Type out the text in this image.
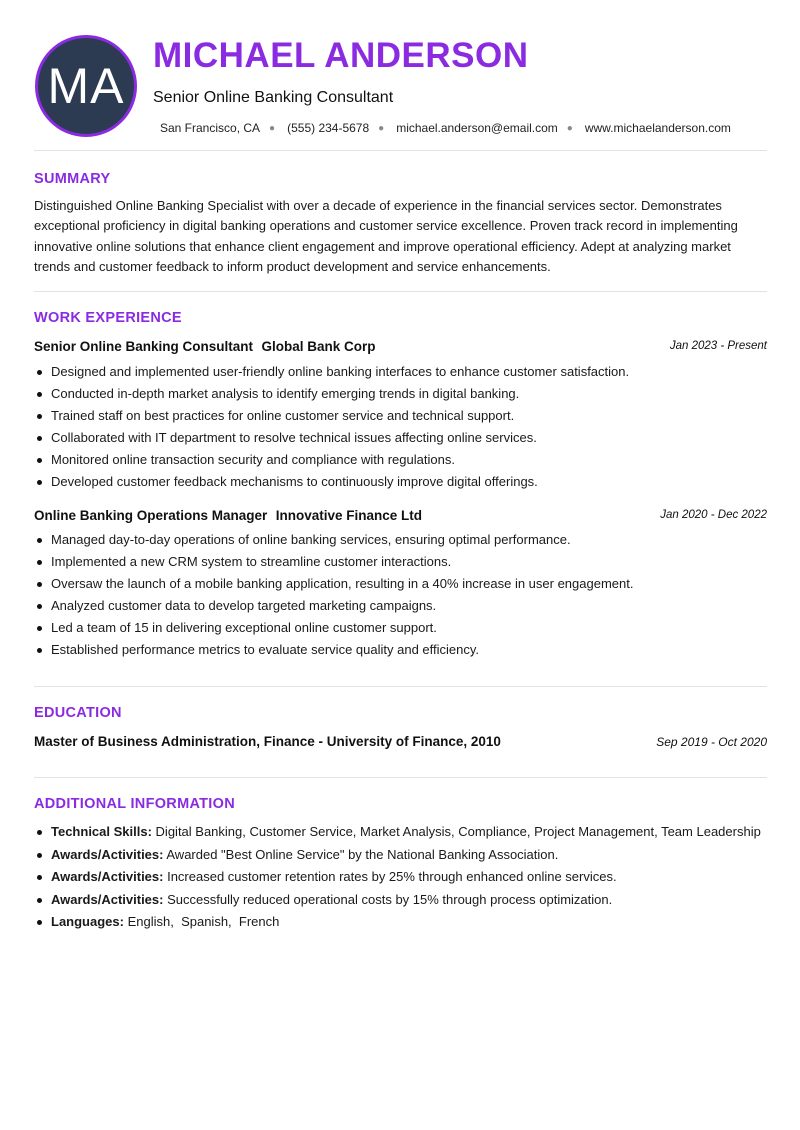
MA
MICHAEL ANDERSON
Senior Online Banking Consultant
San Francisco, CA ● (555) 234-5678 ● michael.anderson@email.com ● www.michaelanderson.com
SUMMARY
Distinguished Online Banking Specialist with over a decade of experience in the financial services sector. Demonstrates exceptional proficiency in digital banking operations and customer service excellence. Proven track record in implementing innovative online solutions that enhance client engagement and improve operational efficiency. Adept at analyzing market trends and customer feedback to inform product development and service enhancements.
WORK EXPERIENCE
Senior Online Banking Consultant Global Bank Corp	Jan 2023 - Present
Designed and implemented user-friendly online banking interfaces to enhance customer satisfaction.
Conducted in-depth market analysis to identify emerging trends in digital banking.
Trained staff on best practices for online customer service and technical support.
Collaborated with IT department to resolve technical issues affecting online services.
Monitored online transaction security and compliance with regulations.
Developed customer feedback mechanisms to continuously improve digital offerings.
Online Banking Operations Manager Innovative Finance Ltd	Jan 2020 - Dec 2022
Managed day-to-day operations of online banking services, ensuring optimal performance.
Implemented a new CRM system to streamline customer interactions.
Oversaw the launch of a mobile banking application, resulting in a 40% increase in user engagement.
Analyzed customer data to develop targeted marketing campaigns.
Led a team of 15 in delivering exceptional online customer support.
Established performance metrics to evaluate service quality and efficiency.
EDUCATION
Master of Business Administration, Finance - University of Finance, 2010	Sep 2019 - Oct 2020
ADDITIONAL INFORMATION
Technical Skills: Digital Banking, Customer Service, Market Analysis, Compliance, Project Management, Team Leadership
Awards/Activities: Awarded "Best Online Service" by the National Banking Association.
Awards/Activities: Increased customer retention rates by 25% through enhanced online services.
Awards/Activities: Successfully reduced operational costs by 15% through process optimization.
Languages: English,  Spanish,  French
